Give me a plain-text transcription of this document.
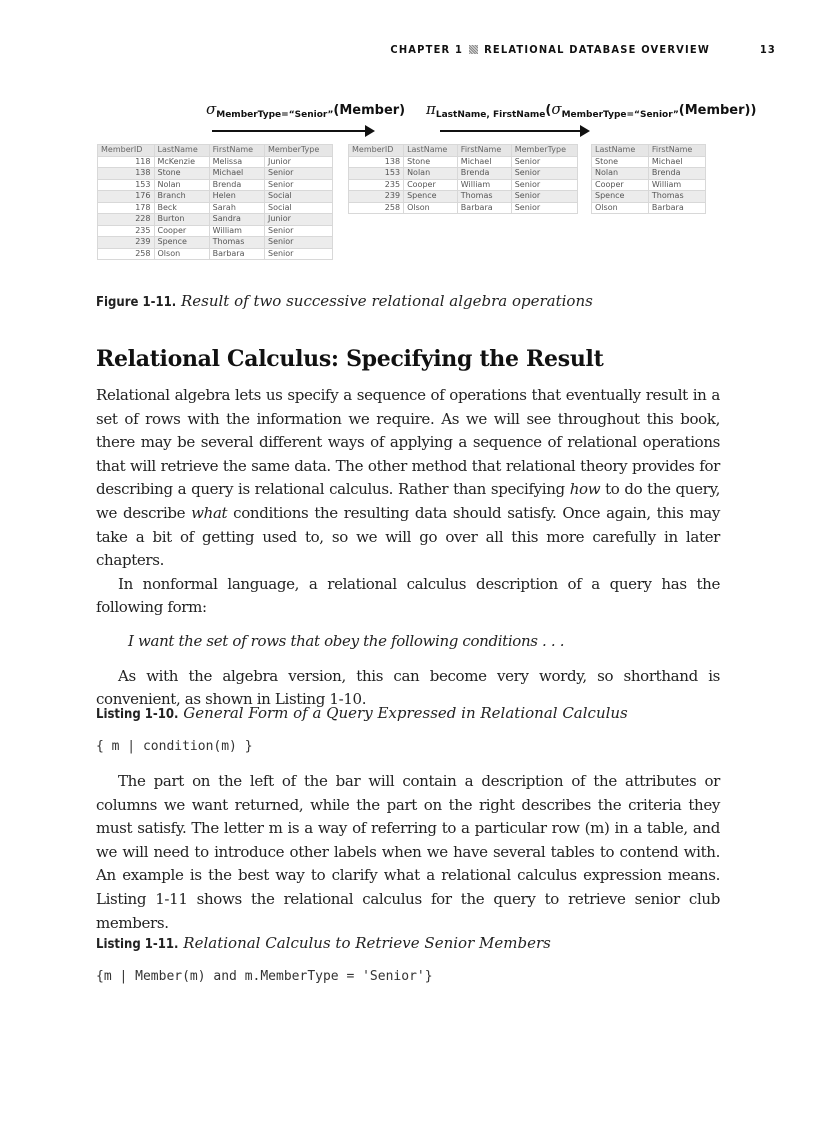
CHAPTER 1 RELATIONAL DATABASE OVERVIEW	13
$\sigma_{MemberType=“Senior”}(Member)$ $\pi_{LastName, FirstName}(\sigma_{MemberType=“Senior”}(Member))$
MemberID	LastName	FirstName	MemberType
118	McKenzie	Melissa	Junior
138	Stone	Michael	Senior
153	Nolan	Brenda	Senior
176	Branch	Helen	Social
178	Beck	Sarah	Social
228	Burton	Sandra	Junior
235	Cooper	William	Senior
239	Spence	Thomas	Senior
258	Olson	Barbara	Senior
MemberID	LastName	FirstName	MemberType
138	Stone	Michael	Senior
153	Nolan	Brenda	Senior
235	Cooper	William	Senior
239	Spence	Thomas	Senior
258	Olson	Barbara	Senior
LastName	FirstName
Stone	Michael
Nolan	Brenda
Cooper	William
Spence	Thomas
Olson	Barbara
Figure 1-11. Result of two successive relational algebra operations
Relational Calculus: Specifying the Result

Relational algebra lets us specify a sequence of operations that eventually result in a set of rows with the information we require. As we will see throughout this book, there may be several different ways of applying a sequence of relational operations that will retrieve the same data. The other method that relational theory provides for describing a query is relational calculus. Rather than specifying how to do the query, we describe what conditions the resulting data should satisfy. Once again, this may take a bit of getting used to, so we will go over all this more carefully in later chapters.

In nonformal language, a relational calculus description of a query has the following form:

I want the set of rows that obey the following conditions . . .

As with the algebra version, this can become very wordy, so shorthand is convenient, as shown in Listing 1-10.

Listing 1-10. General Form of a Query Expressed in Relational Calculus
{ m | condition(m) }

The part on the left of the bar will contain a description of the attributes or columns we want returned, while the part on the right describes the criteria they must satisfy. The letter m is a way of referring to a particular row (m) in a table, and we will need to introduce other labels when we have several tables to contend with. An example is the best way to clarify what a relational calculus expression means. Listing 1-11 shows the relational calculus for the query to retrieve senior club members.

Listing 1-11. Relational Calculus to Retrieve Senior Members
{m | Member(m) and m.MemberType = 'Senior'}
